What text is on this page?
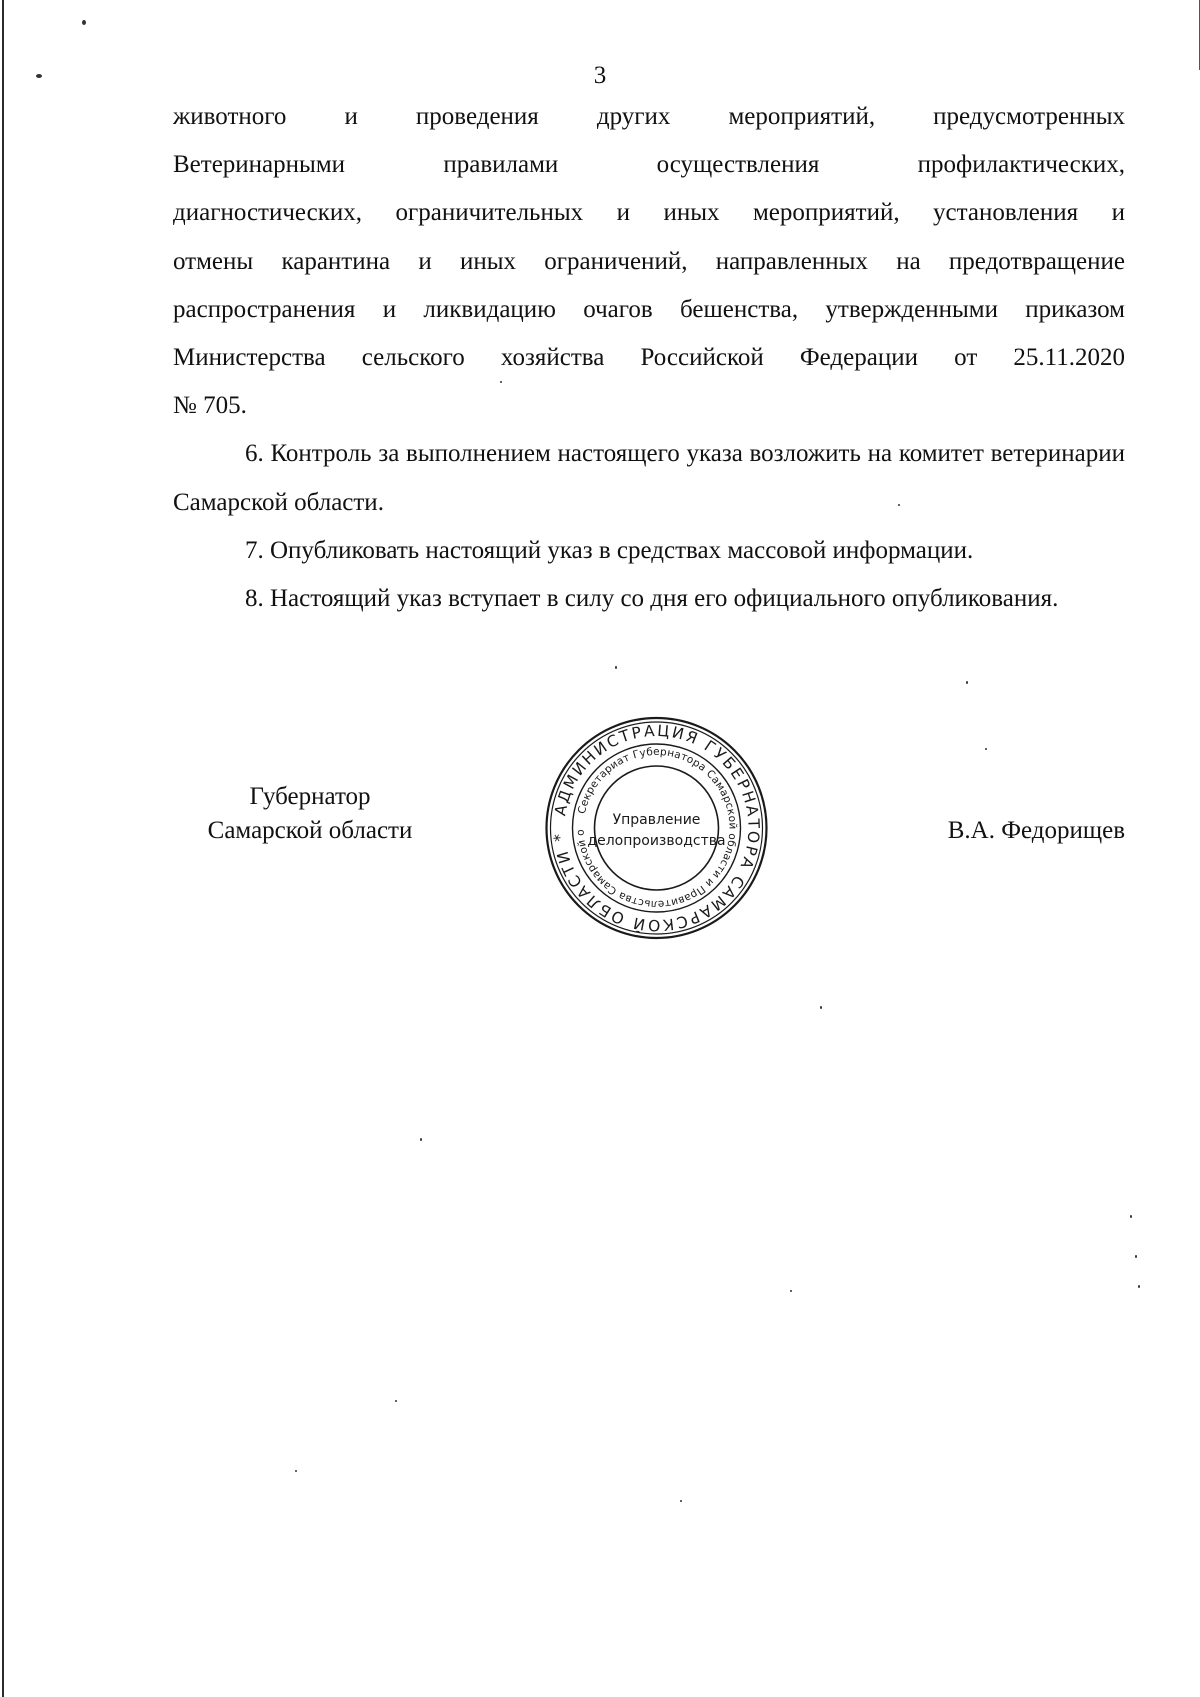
3

животного и проведения других мероприятий, предусмотренных
Ветеринарными правилами осуществления профилактических,
диагностических, ограничительных и иных мероприятий, установления и
отмены карантина и иных ограничений, направленных на предотвращение
распространения и ликвидацию очагов бешенства, утвержденными приказом
Министерства сельского хозяйства Российской Федерации от 25.11.2020
№ 705.

6. Контроль за выполнением настоящего указа возложить на комитет ветеринарии Самарской области.

7. Опубликовать настоящий указ в средствах массовой информации.

8. Настоящий указ вступает в силу со дня его официального опубликования.

Губернатор
Самарской области	В.А. Федорищев
АДМИНИСТРАЦИЯ ГУБЕРНАТОРА САМАРСКОЙ ОБЛАСТИ *
Секретариат Губернатора Самарской области и Правительства Самарской о
Управление
делопроизводства
